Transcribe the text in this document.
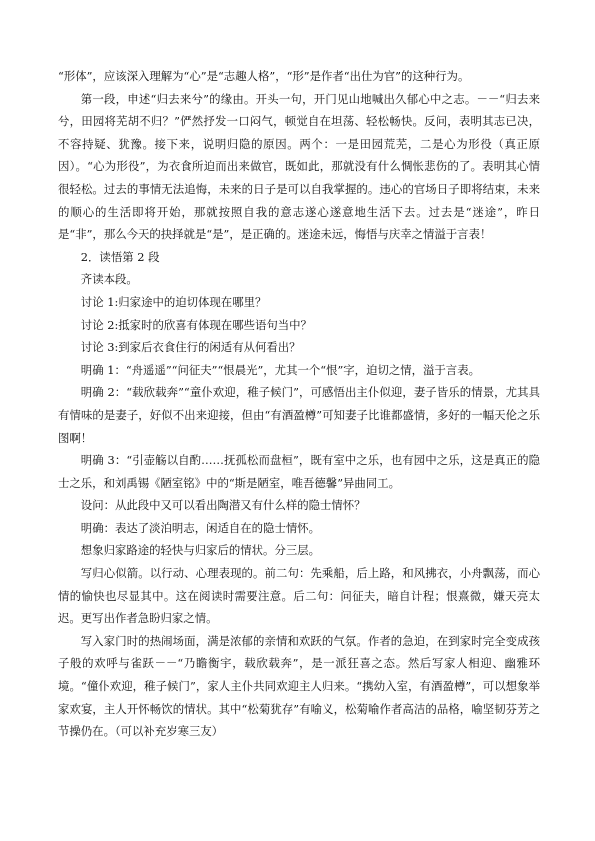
“形体”，应该深入理解为“心”是“志趣人格”，“形”是作者“出仕为官”的这种行为。

第一段，申述“归去来兮”的缘由。开头一句，开门见山地喊出久郁心中之志。－－“归去来兮，田园将芜胡不归？”俨然抒发一口闷气，顿觉自在坦荡、轻松畅快。反问，表明其志已决，不容持疑、犹豫。接下来，说明归隐的原因。两个：一是田园荒芜，二是心为形役（真正原因）。“心为形役”，为衣食所迫而出来做官，既如此，那就没有什么惆怅悲伤的了。表明其心情很轻松。过去的事情无法追悔，未来的日子是可以自我掌握的。违心的官场日子即将结束，未来的顺心的生活即将开始，那就按照自我的意志遂心遂意地生活下去。过去是“迷途”，昨日是“非”，那么今天的抉择就是“是”，是正确的。迷途未远，悔悟与庆幸之情溢于言表！

2．读悟第 2 段

齐读本段。

讨论 1:归家途中的迫切体现在哪里？

讨论 2:抵家时的欣喜有体现在哪些语句当中？

讨论 3:到家后衣食住行的闲适有从何看出？

明确 1：“舟遥遥”“问征夫”“恨晨光”，尤其一个“恨”字，迫切之情，溢于言表。

明确 2：“载欣载奔”“童仆欢迎，稚子候门”，可感悟出主仆似迎，妻子皆乐的情景，尤其具有情味的是妻子，好似不出来迎接，但由“有酒盈樽”可知妻子比谁都盛情，多好的一幅天伦之乐图啊！

明确 3：“引壶觞以自酌……抚孤松而盘桓”，既有室中之乐，也有园中之乐，这是真正的隐士之乐，和刘禹锡《陋室铭》中的“斯是陋室，唯吾德馨”异曲同工。

设问：从此段中又可以看出陶潜又有什么样的隐士情怀？

明确：表达了淡泊明志，闲适自在的隐士情怀。

想象归家路途的轻快与归家后的情状。分三层。

写归心似箭。以行动、心理表现的。前二句：先乘船，后上路，和风拂衣，小舟飘荡，而心情的愉快也尽显其中。这在阅读时需要注意。后二句：问征夫，暗自计程；恨熹微，嫌天亮太迟。更写出作者急盼归家之情。

写入家门时的热闹场面，满是浓郁的亲情和欢跃的气氛。作者的急迫，在到家时完全变成孩子般的欢呼与雀跃－－“乃瞻衡宇，载欣载奔”，是一派狂喜之态。然后写家人相迎、幽雅环境。“僮仆欢迎，稚子候门”，家人主仆共同欢迎主人归来。“携幼入室，有酒盈樽”，可以想象举家欢宴，主人开怀畅饮的情状。其中“松菊犹存”有喻义，松菊喻作者高洁的品格，喻坚韧芬芳之节操仍在。（可以补充岁寒三友）
